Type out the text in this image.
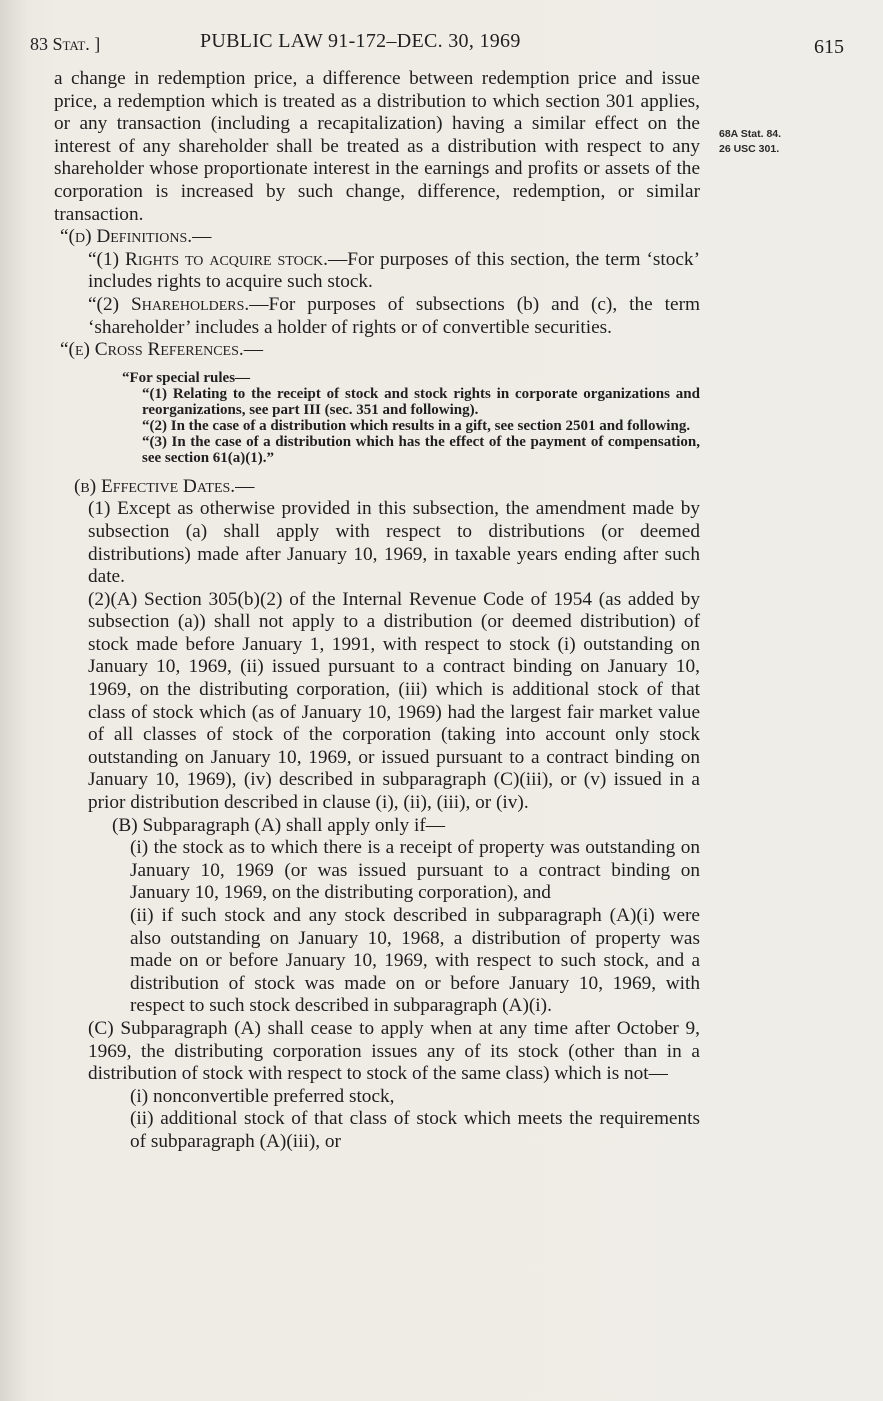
83 Stat. ]	PUBLIC LAW 91-172–DEC. 30, 1969	615
68A Stat. 84.
26 USC 301.

a change in redemption price, a difference between redemption price and issue price, a redemption which is treated as a distribution to which section 301 applies, or any transaction (including a recapitalization) having a similar effect on the interest of any shareholder shall be treated as a distribution with respect to any shareholder whose proportionate interest in the earnings and profits or assets of the corporation is increased by such change, difference, redemption, or similar transaction.

“(d) Definitions.—

“(1) Rights to acquire stock.—For purposes of this section, the term ‘stock’ includes rights to acquire such stock.

“(2) Shareholders.—For purposes of subsections (b) and (c), the term ‘shareholder’ includes a holder of rights or of convertible securities.

“(e) Cross References.—

“For special rules—

“(1) Relating to the receipt of stock and stock rights in corporate organizations and reorganizations, see part III (sec. 351 and following).

“(2) In the case of a distribution which results in a gift, see section 2501 and following.

“(3) In the case of a distribution which has the effect of the payment of compensation, see section 61(a)(1).”

(b) Effective Dates.—

(1) Except as otherwise provided in this subsection, the amendment made by subsection (a) shall apply with respect to distributions (or deemed distributions) made after January 10, 1969, in taxable years ending after such date.

(2)(A) Section 305(b)(2) of the Internal Revenue Code of 1954 (as added by subsection (a)) shall not apply to a distribution (or deemed distribution) of stock made before January 1, 1991, with respect to stock (i) outstanding on January 10, 1969, (ii) issued pursuant to a contract binding on January 10, 1969, on the distributing corporation, (iii) which is additional stock of that class of stock which (as of January 10, 1969) had the largest fair market value of all classes of stock of the corporation (taking into account only stock outstanding on January 10, 1969, or issued pursuant to a contract binding on January 10, 1969), (iv) described in subparagraph (C)(iii), or (v) issued in a prior distribution described in clause (i), (ii), (iii), or (iv).

(B) Subparagraph (A) shall apply only if—

(i) the stock as to which there is a receipt of property was outstanding on January 10, 1969 (or was issued pursuant to a contract binding on January 10, 1969, on the distributing corporation), and

(ii) if such stock and any stock described in subparagraph (A)(i) were also outstanding on January 10, 1968, a distribution of property was made on or before January 10, 1969, with respect to such stock, and a distribution of stock was made on or before January 10, 1969, with respect to such stock described in subparagraph (A)(i).

(C) Subparagraph (A) shall cease to apply when at any time after October 9, 1969, the distributing corporation issues any of its stock (other than in a distribution of stock with respect to stock of the same class) which is not—

(i) nonconvertible preferred stock,

(ii) additional stock of that class of stock which meets the requirements of subparagraph (A)(iii), or
